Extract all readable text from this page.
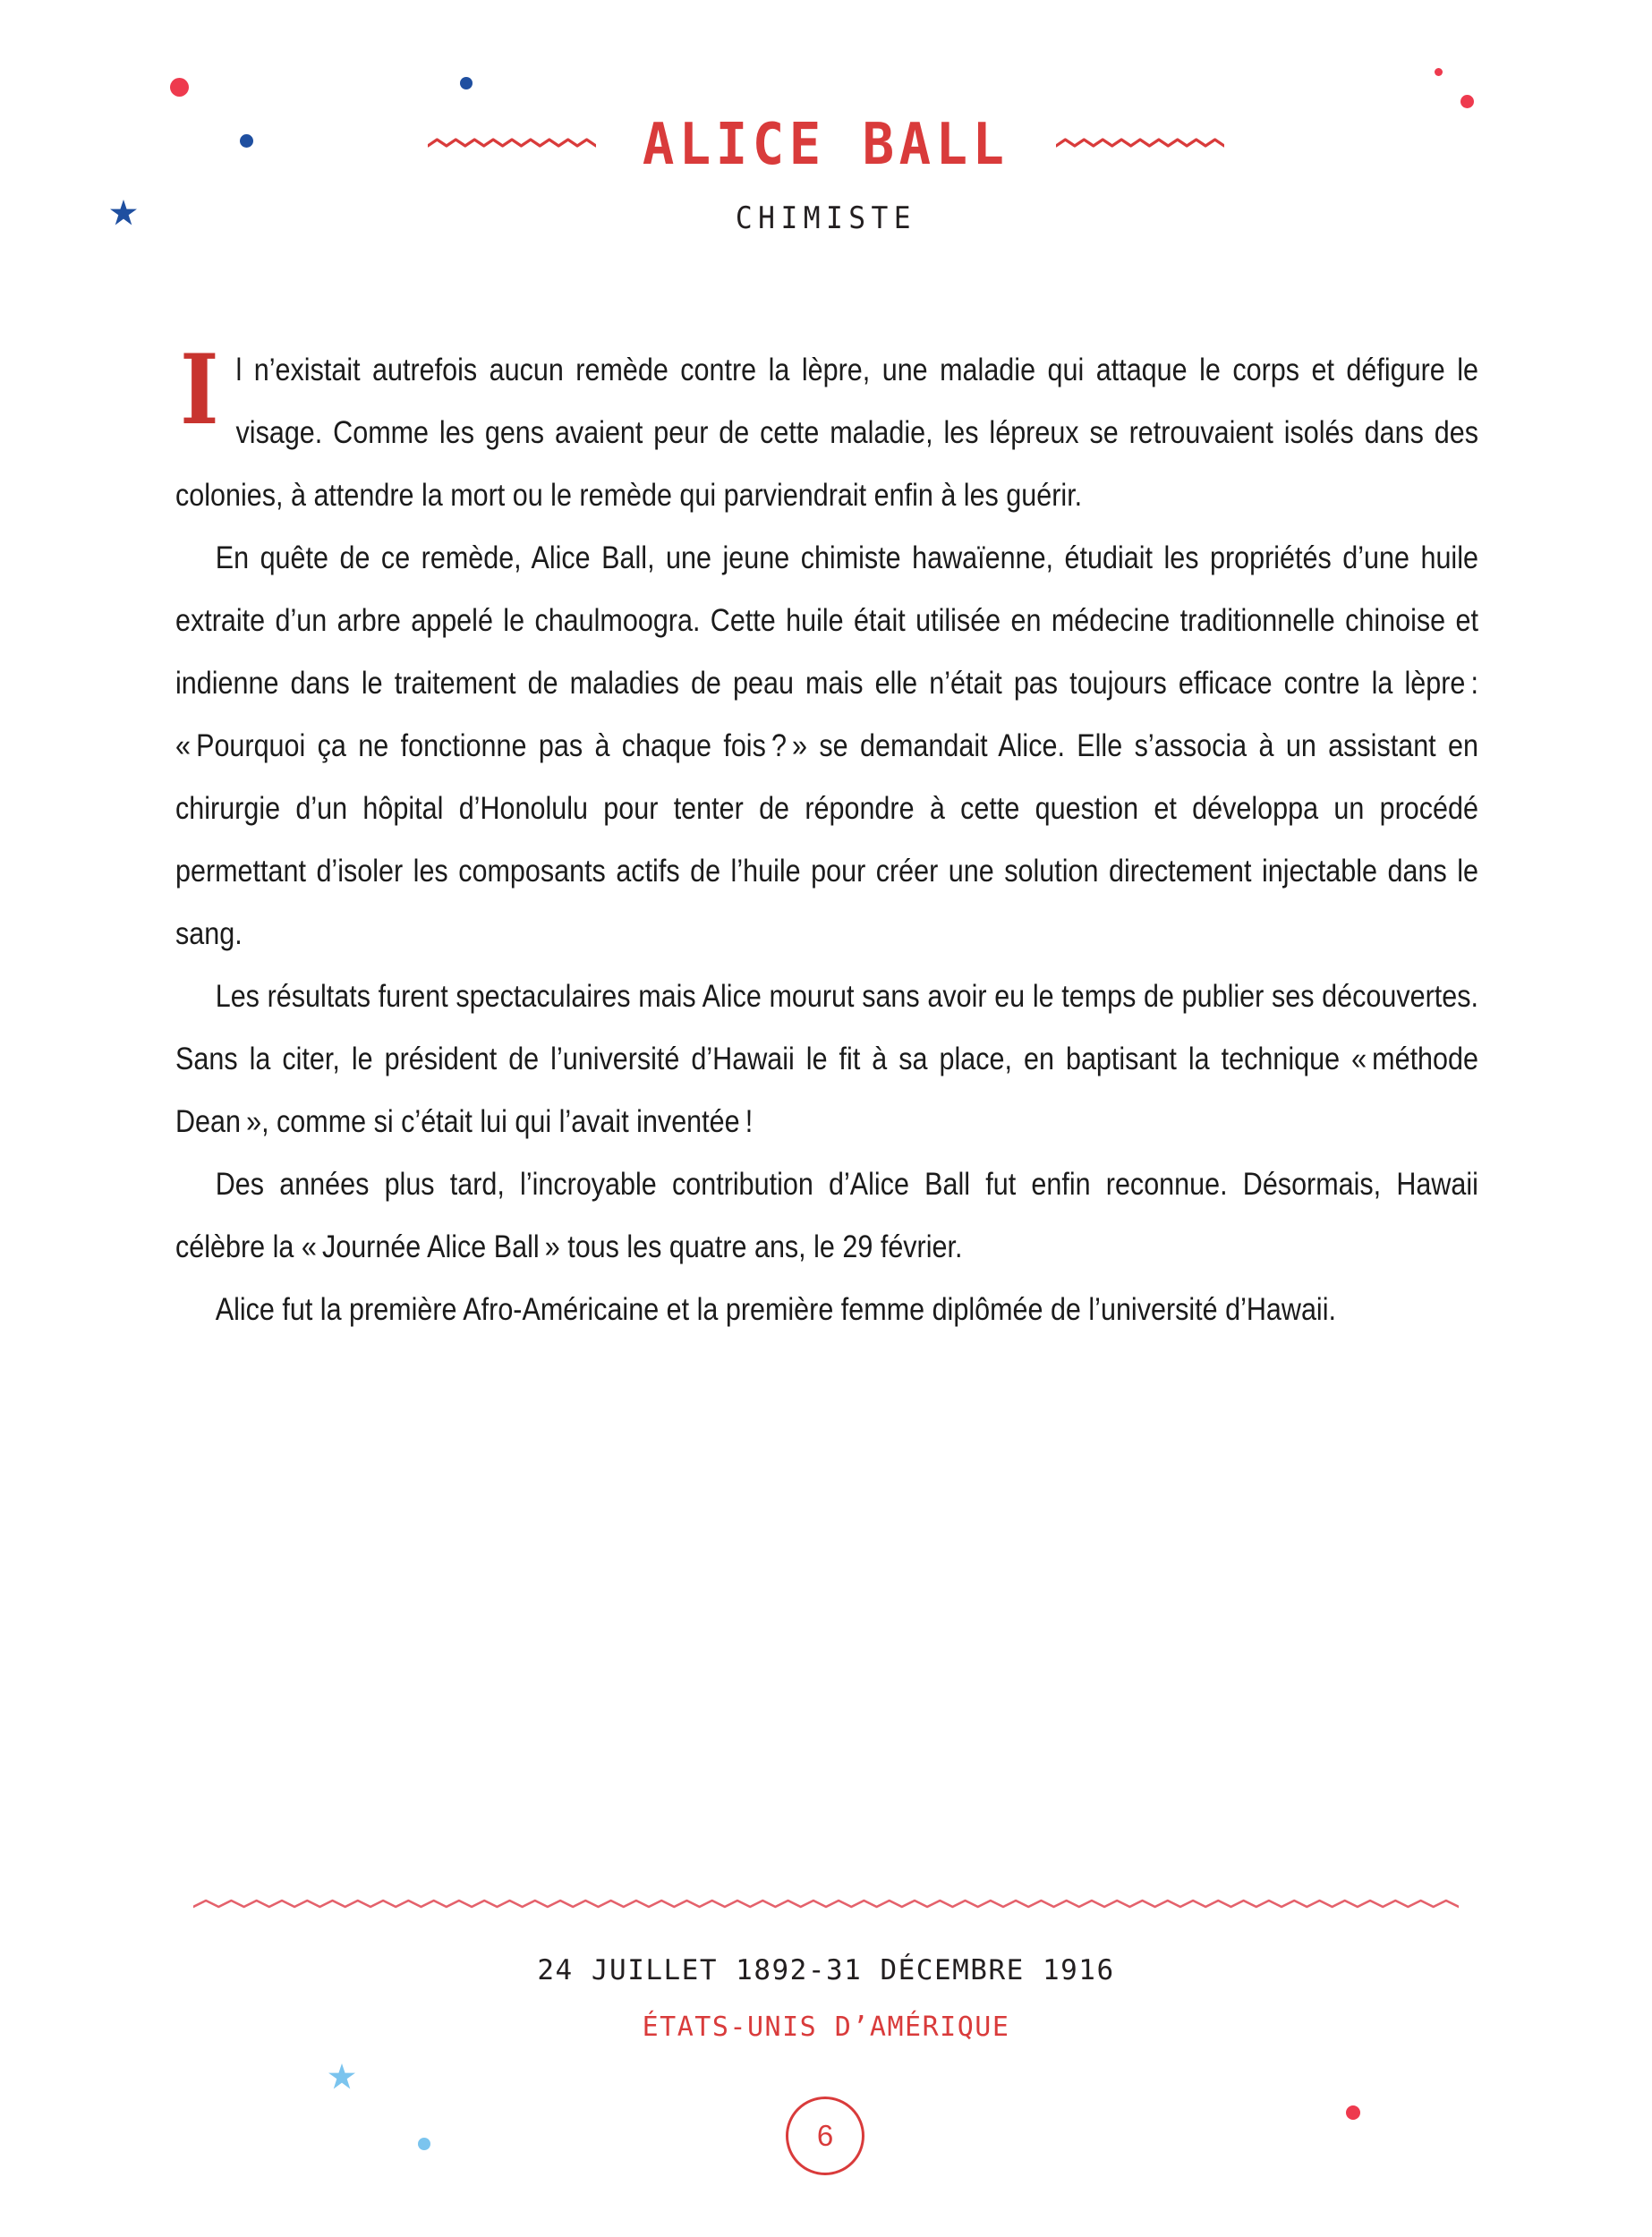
ALICE BALL
CHIMISTE

Il n’existait autrefois aucun remède contre la lèpre, une maladie qui attaque le corps et défigure le visage. Comme les gens avaient peur de cette maladie, les lépreux se retrouvaient isolés dans des colonies, à attendre la mort ou le remède qui parviendrait enfin à les guérir.

En quête de ce remède, Alice Ball, une jeune chimiste hawaïenne, étudiait les propriétés d’une huile extraite d’un arbre appelé le chaulmoogra. Cette huile était utilisée en médecine traditionnelle chinoise et indienne dans le traitement de maladies de peau mais elle n’était pas toujours efficace contre la lèpre : « Pourquoi ça ne fonctionne pas à chaque fois ? » se demandait Alice. Elle s’associa à un assistant en chirurgie d’un hôpital d’Honolulu pour tenter de répondre à cette question et développa un procédé permettant d’isoler les composants actifs de l’huile pour créer une solution directement injectable dans le sang.

Les résultats furent spectaculaires mais Alice mourut sans avoir eu le temps de publier ses découvertes. Sans la citer, le président de l’université d’Hawaii le fit à sa place, en baptisant la technique « méthode Dean », comme si c’était lui qui l’avait inventée !

Des années plus tard, l’incroyable contribution d’Alice Ball fut enfin reconnue. Désormais, Hawaii célèbre la « Journée Alice Ball » tous les quatre ans, le 29 février.

Alice fut la première Afro-Américaine et la première femme diplômée de l’université d’Hawaii.

24 JUILLET 1892-31 DÉCEMBRE 1916
ÉTATS-UNIS D’AMÉRIQUE
6
